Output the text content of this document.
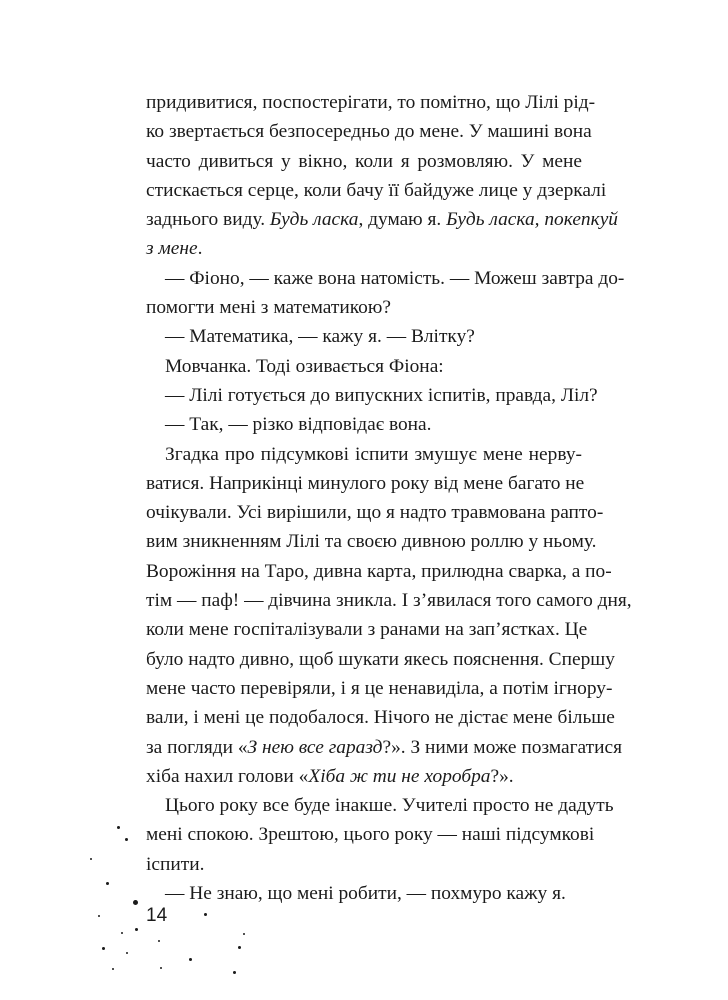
придивитися, поспостерігати, то помітно, що Лілі рід-
ко звертається безпосередньо до мене. У машині вона
часто дивиться у вікно, коли я розмовляю. У мене
стискається серце, коли бачу її байдуже лице у дзеркалі
заднього виду. Будь ласка, думаю я. Будь ласка, покепкуй
з мене.
— Фіоно, — каже вона натомість. — Можеш завтра до-
помогти мені з математикою?
— Математика, — кажу я. — Влітку?
Мовчанка. Тоді озивається Фіона:
— Лілі готується до випускних іспитів, правда, Ліл?
— Так, — різко відповідає вона.
Згадка про підсумкові іспити змушує мене нерву-
ватися. Наприкінці минулого року від мене багато не
очікували. Усі вирішили, що я надто травмована рапто-
вим зникненням Лілі та своєю дивною роллю у ньому.
Ворожіння на Таро, дивна карта, прилюдна сварка, а по-
тім — паф! — дівчина зникла. І з’явилася того самого дня,
коли мене госпіталізували з ранами на зап’ястках. Це
було надто дивно, щоб шукати якесь пояснення. Спершу
мене часто перевіряли, і я це ненавиділа, а потім ігнору-
вали, і мені це подобалося. Нічого не дістає мене більше
за погляди «З нею все гаразд?». З ними може позмагатися
хіба нахил голови «Хіба ж ти не хоробра?».
Цього року все буде інакше. Учителі просто не дадуть
мені спокою. Зрештою, цього року — наші підсумкові
іспити.
— Не знаю, що мені робити, — похмуро кажу я.
14
